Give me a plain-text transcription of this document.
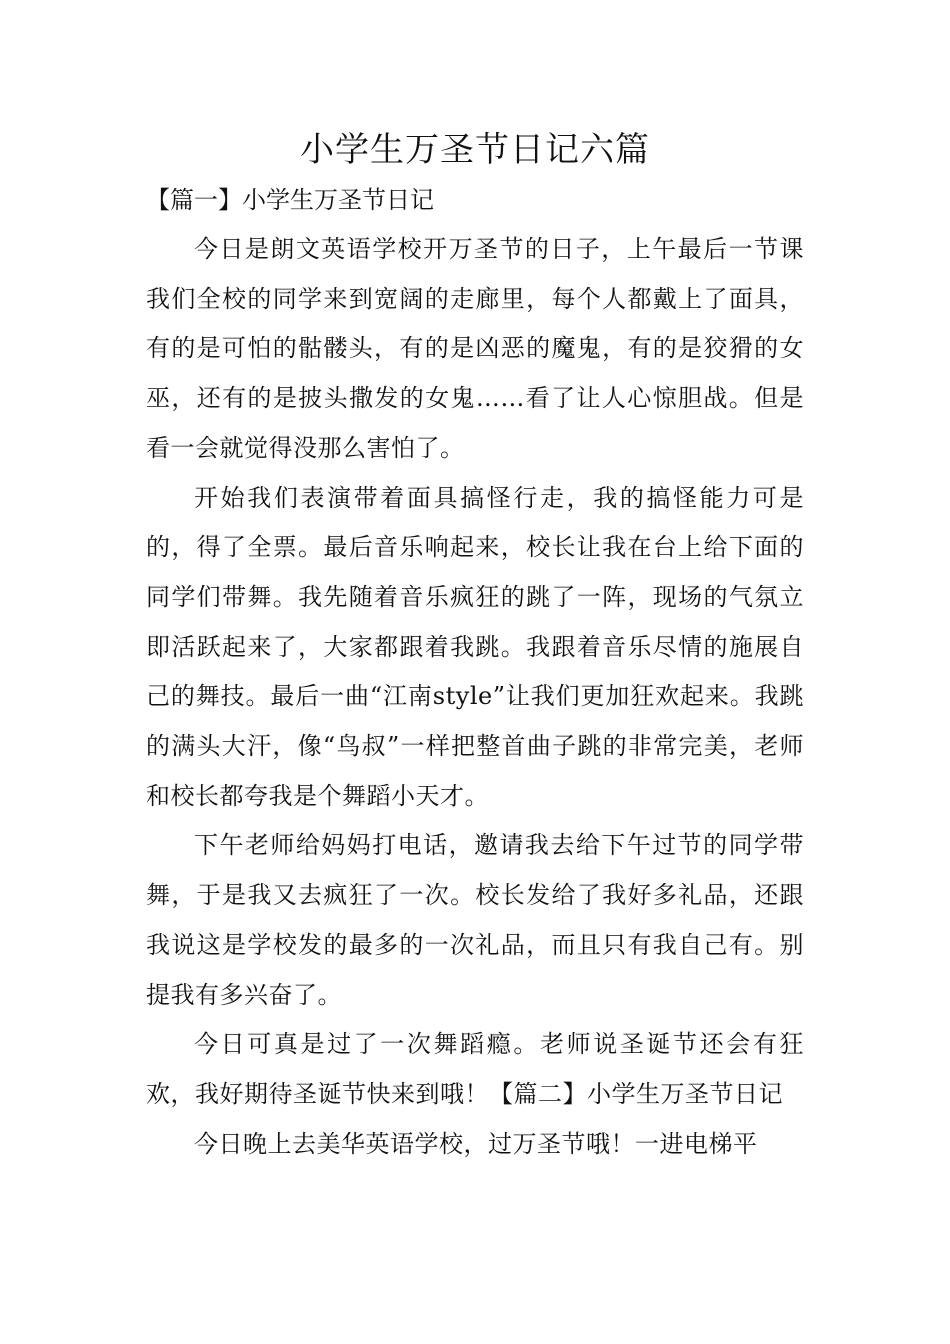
小学生万圣节日记六篇
【篇一】小学生万圣节日记

今日是朗文英语学校开万圣节的日子，上午最后一节课我们全校的同学来到宽阔的走廊里，每个人都戴上了面具，有的是可怕的骷髅头，有的是凶恶的魔鬼，有的是狡猾的女巫，还有的是披头撒发的女鬼……看了让人心惊胆战。但是看一会就觉得没那么害怕了。

开始我们表演带着面具搞怪行走，我的搞怪能力可是的，得了全票。最后音乐响起来，校长让我在台上给下面的同学们带舞。我先随着音乐疯狂的跳了一阵，现场的气氛立即活跃起来了，大家都跟着我跳。我跟着音乐尽情的施展自己的舞技。最后一曲“江南style”让我们更加狂欢起来。我跳的满头大汗，像“鸟叔”一样把整首曲子跳的非常完美，老师和校长都夸我是个舞蹈小天才。

下午老师给妈妈打电话，邀请我去给下午过节的同学带舞，于是我又去疯狂了一次。校长发给了我好多礼品，还跟我说这是学校发的最多的一次礼品，而且只有我自己有。别提我有多兴奋了。

今日可真是过了一次舞蹈瘾。老师说圣诞节还会有狂欢，我好期待圣诞节快来到哦！【篇二】小学生万圣节日记

今日晚上去美华英语学校，过万圣节哦！一进电梯平
